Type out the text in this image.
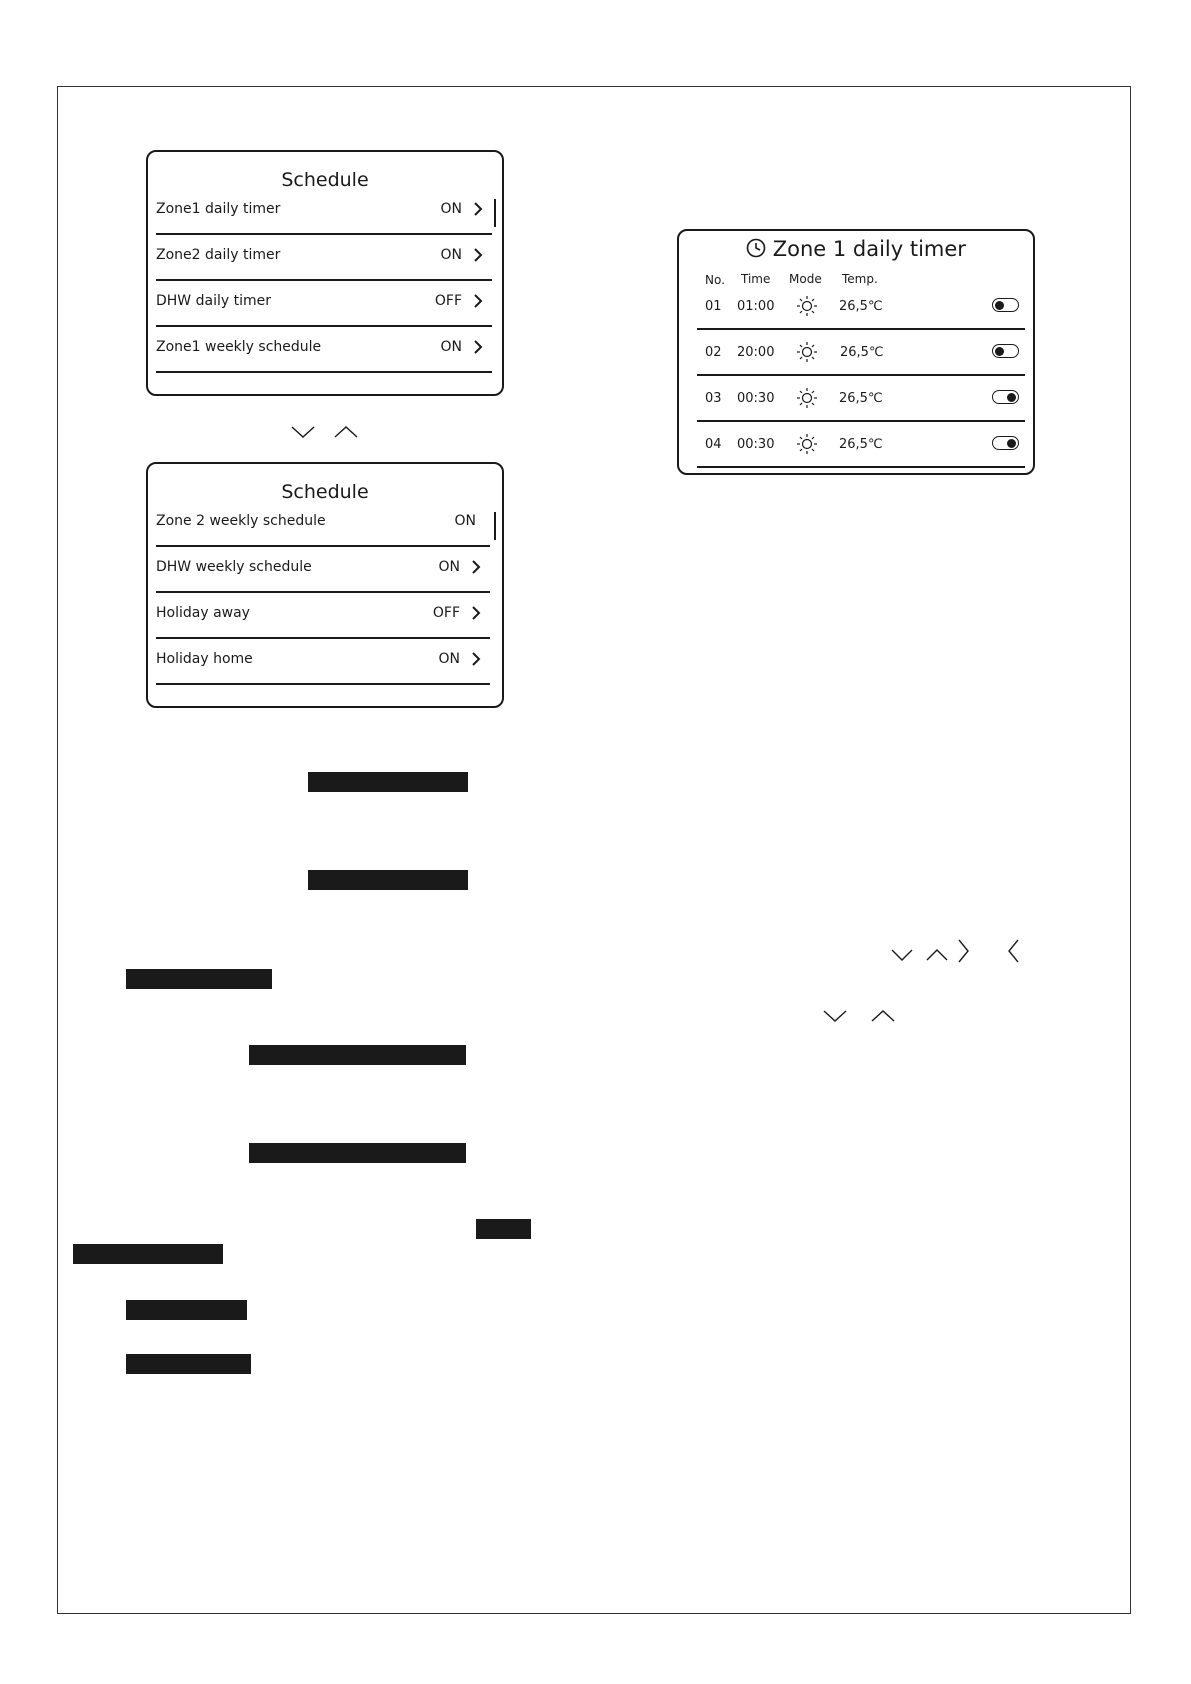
Schedule
Zone1 daily timer	ON
Zone2 daily timer	ON
DHW daily timer	OFF
Zone1 weekly schedule	ON
Schedule
Zone 2 weekly schedule	ON
DHW weekly schedule	ON
Holiday away	OFF
Holiday home	ON
Zone 1 daily timer
No. Time Mode Temp.
01 01:00	26,5℃
02 20:00	26,5℃
03 00:30	26,5℃
04 00:30	26,5℃
